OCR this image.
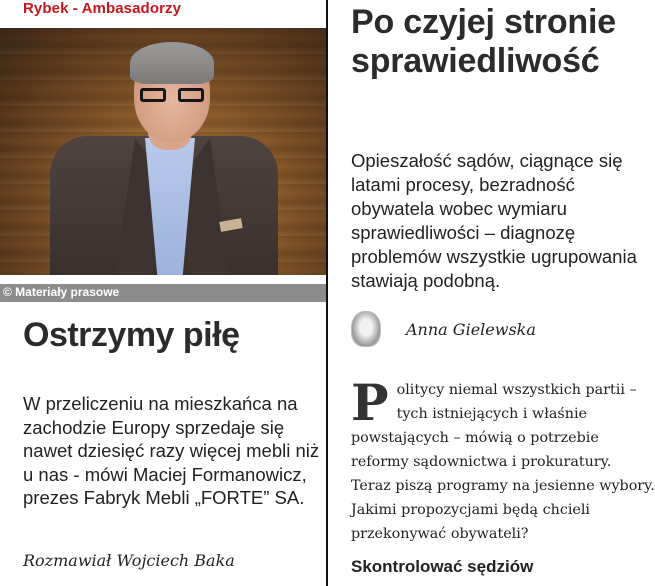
Rybek - Ambasadorzy
© Materiały prasowe
Ostrzymy piłę
W przeliczeniu na mieszkańca na zachodzie Europy sprzedaje się nawet dziesięć razy więcej mebli niż u nas - mówi Maciej Formanowicz, prezes Fabryk Mebli „FORTE” SA.
Rozmawiał Wojciech Baka
Po czyjej stronie sprawiedliwość
Opieszałość sądów, ciągnące się latami procesy, bezradność obywatela wobec wymiaru sprawiedliwości – diagnozę problemów wszystkie ugrupowania stawiają podobną.
Anna Gielewska
Politycy niemal wszystkich partii – tych istniejących i właśnie powstających – mówią o potrzebie reformy sądownictwa i prokuratury. Teraz piszą programy na jesienne wybory. Jakimi propozycjami będą chcieli przekonywać obywateli?
Skontrolować sędziów
